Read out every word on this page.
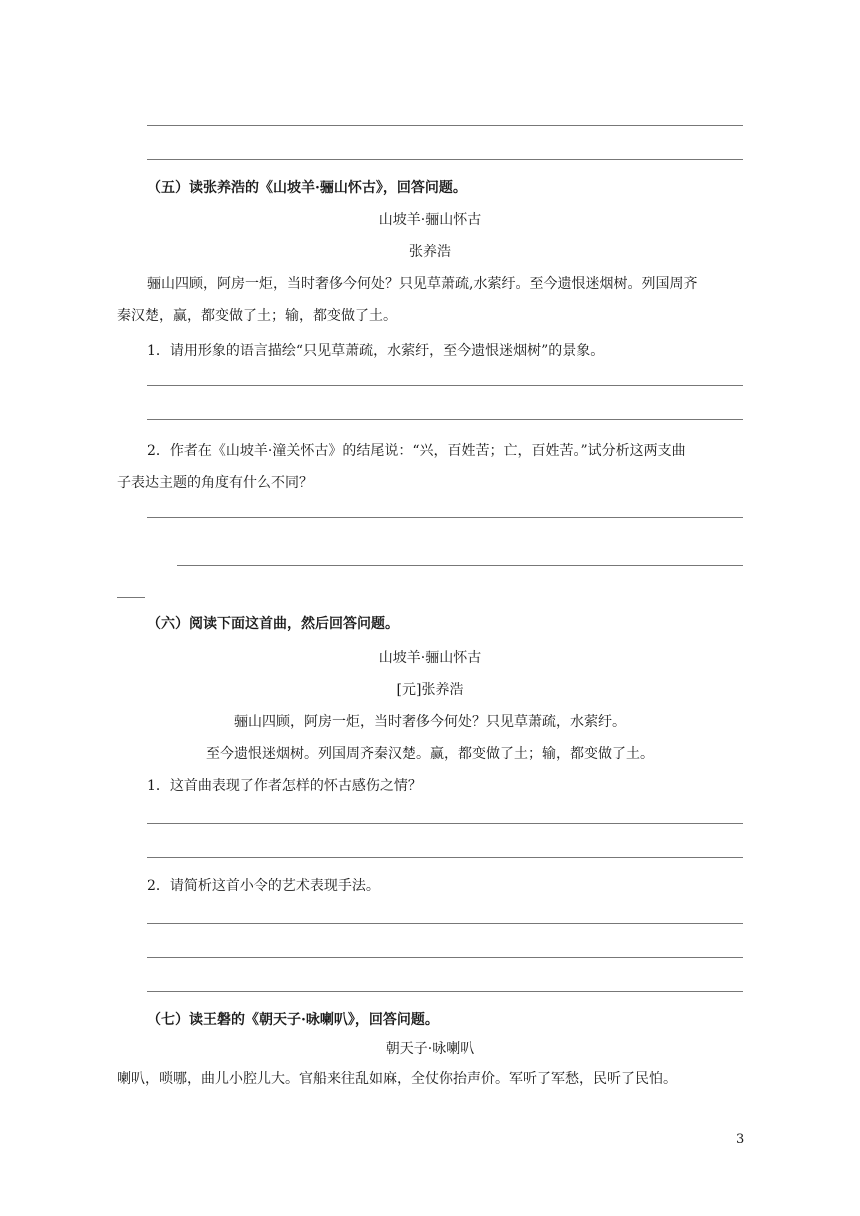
（五）读张养浩的《山坡羊·骊山怀古》，回答问题。
山坡羊·骊山怀古
张养浩
骊山四顾，阿房一炬，当时奢侈今何处？只见草萧疏,水萦纡。至今遗恨迷烟树。列国周齐
秦汉楚，赢，都变做了土；输，都变做了土。
1．请用形象的语言描绘“只见草萧疏，水萦纡，至今遗恨迷烟树”的景象。
2．作者在《山坡羊·潼关怀古》的结尾说：“兴，百姓苦；亡，百姓苦。”试分析这两支曲
子表达主题的角度有什么不同？
（六）阅读下面这首曲，然后回答问题。
山坡羊·骊山怀古
[元]张养浩
骊山四顾，阿房一炬，当时奢侈今何处？只见草萧疏，水萦纡。
至今遗恨迷烟树。列国周齐秦汉楚。赢，都变做了土；输，都变做了土。
1．这首曲表现了作者怎样的怀古感伤之情？
2．请简析这首小令的艺术表现手法。
（七）读王磐的《朝天子·咏喇叭》，回答问题。
朝天子·咏喇叭
喇叭，唢哪，曲儿小腔儿大。官船来往乱如麻，全仗你抬声价。军听了军愁，民听了民怕。
3
